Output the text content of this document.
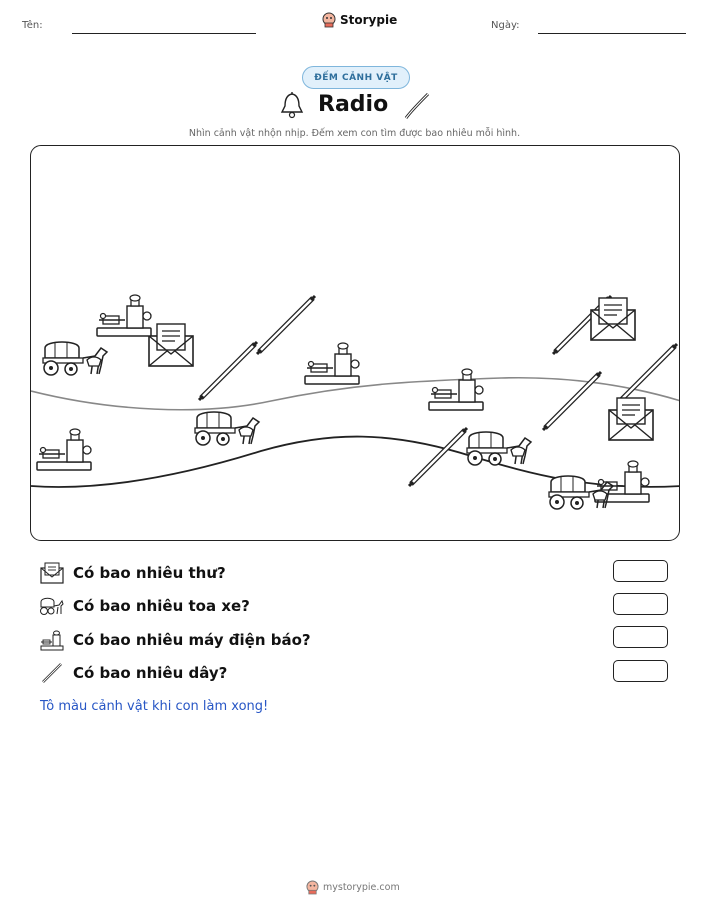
Tên:	Storypie	Ngày:
ĐẾM CẢNH VẬT
Radio
Nhìn cảnh vật nhộn nhịp. Đếm xem con tìm được bao nhiêu mỗi hình.
Có bao nhiêu thư?
Có bao nhiêu toa xe?
Có bao nhiêu máy điện báo?
Có bao nhiêu dây?
Tô màu cảnh vật khi con làm xong!
mystorypie.com
